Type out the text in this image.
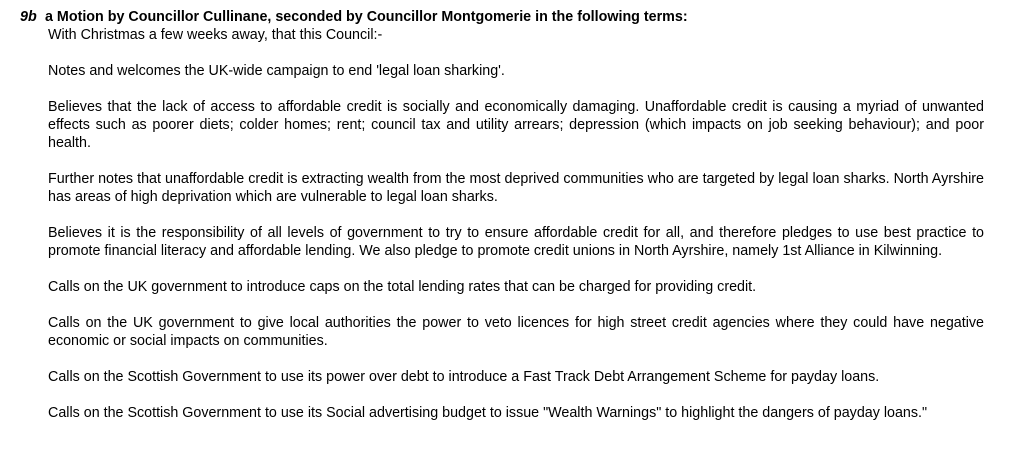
9b a Motion by Councillor Cullinane, seconded by Councillor Montgomerie in the following terms:

With Christmas a few weeks away, that this Council:-

Notes and welcomes the UK-wide campaign to end 'legal loan sharking'.

Believes that the lack of access to affordable credit is socially and economically damaging. Unaffordable credit is causing a myriad of unwanted effects such as poorer diets; colder homes; rent; council tax and utility arrears; depression (which impacts on job seeking behaviour); and poor health.

Further notes that unaffordable credit is extracting wealth from the most deprived communities who are targeted by legal loan sharks. North Ayrshire has areas of high deprivation which are vulnerable to legal loan sharks.

Believes it is the responsibility of all levels of government to try to ensure affordable credit for all, and therefore pledges to use best practice to promote financial literacy and affordable lending. We also pledge to promote credit unions in North Ayrshire, namely 1st Alliance in Kilwinning.

Calls on the UK government to introduce caps on the total lending rates that can be charged for providing credit.

Calls on the UK government to give local authorities the power to veto licences for high street credit agencies where they could have negative economic or social impacts on communities.

Calls on the Scottish Government to use its power over debt to introduce a Fast Track Debt Arrangement Scheme for payday loans.

Calls on the Scottish Government to use its Social advertising budget to issue "Wealth Warnings" to highlight the dangers of payday loans."
